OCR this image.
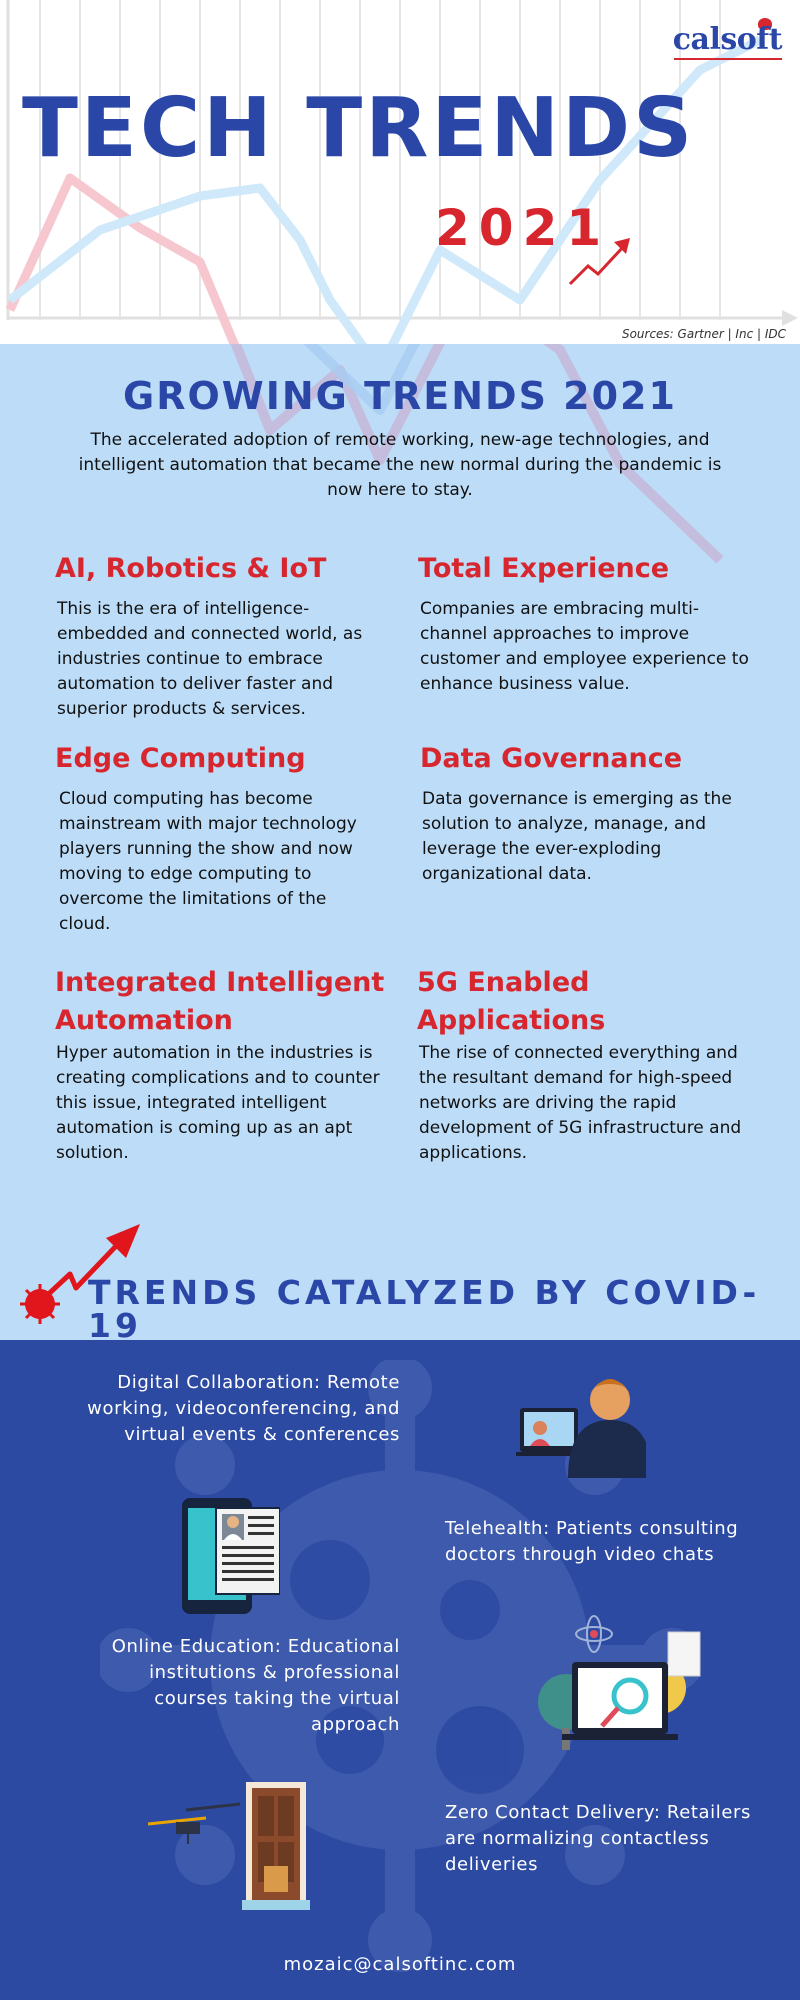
calsoft
TECH TRENDS
2021
Sources: Gartner | Inc | IDC
GROWING TRENDS 2021
The accelerated adoption of remote working, new-age technologies, and intelligent automation that became the new normal during the pandemic is now here to stay.
AI, Robotics & IoT
This is the era of intelligence-embedded and connected world, as industries continue to embrace automation to deliver faster and superior products & services.
Total Experience
Companies are embracing multi-channel approaches to improve customer and employee experience to enhance business value.
Edge Computing
Cloud computing has become mainstream with major technology players running the show and now moving to edge computing to overcome the limitations of the cloud.
Data Governance
Data governance is emerging as the solution to analyze, manage, and leverage the ever-exploding organizational data.
Integrated Intelligent Automation
Hyper automation in the industries is creating complications and to counter this issue, integrated intelligent automation is coming up as an apt solution.
5G Enabled Applications
The rise of connected everything and the resultant demand for high-speed networks are driving the rapid development of 5G infrastructure and applications.
TRENDS CATALYZED BY COVID-19
Digital Collaboration: Remote working, videoconferencing, and virtual events & conferences
Telehealth: Patients consulting doctors through video chats
Online Education: Educational institutions & professional courses taking the virtual approach
Zero Contact Delivery: Retailers are normalizing contactless deliveries
mozaic@calsoftinc.com
